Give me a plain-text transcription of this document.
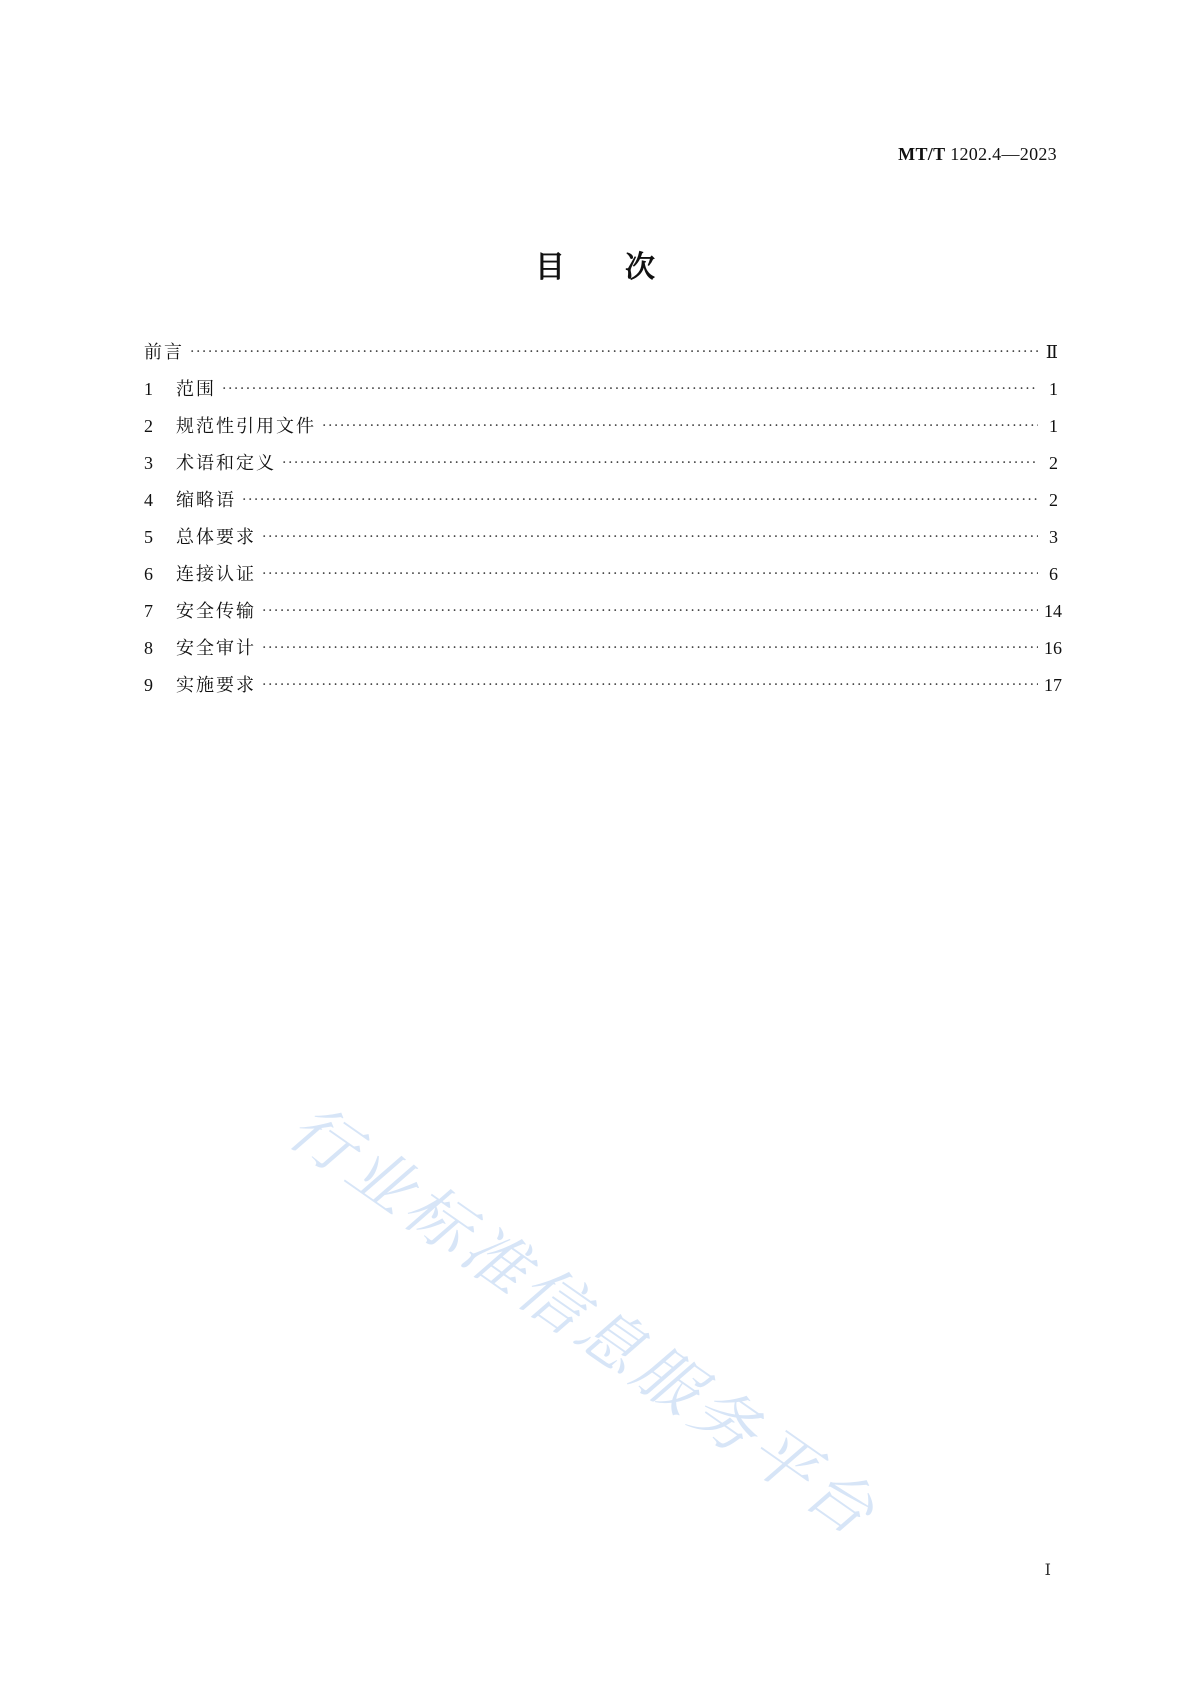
MT/T 1202.4—2023
目次
前言 ·····	Ⅱ
1	范围 ·····	1
2	规范性引用文件 ·····	1
3	术语和定义 ·····	2
4	缩略语 ·····	2
5	总体要求 ·····	3
6	连接认证 ·····	6
7	安全传输 ·····	14
8	安全审计 ·····	16
9	实施要求 ·····	17
行业标准信息服务平台
Ⅰ
